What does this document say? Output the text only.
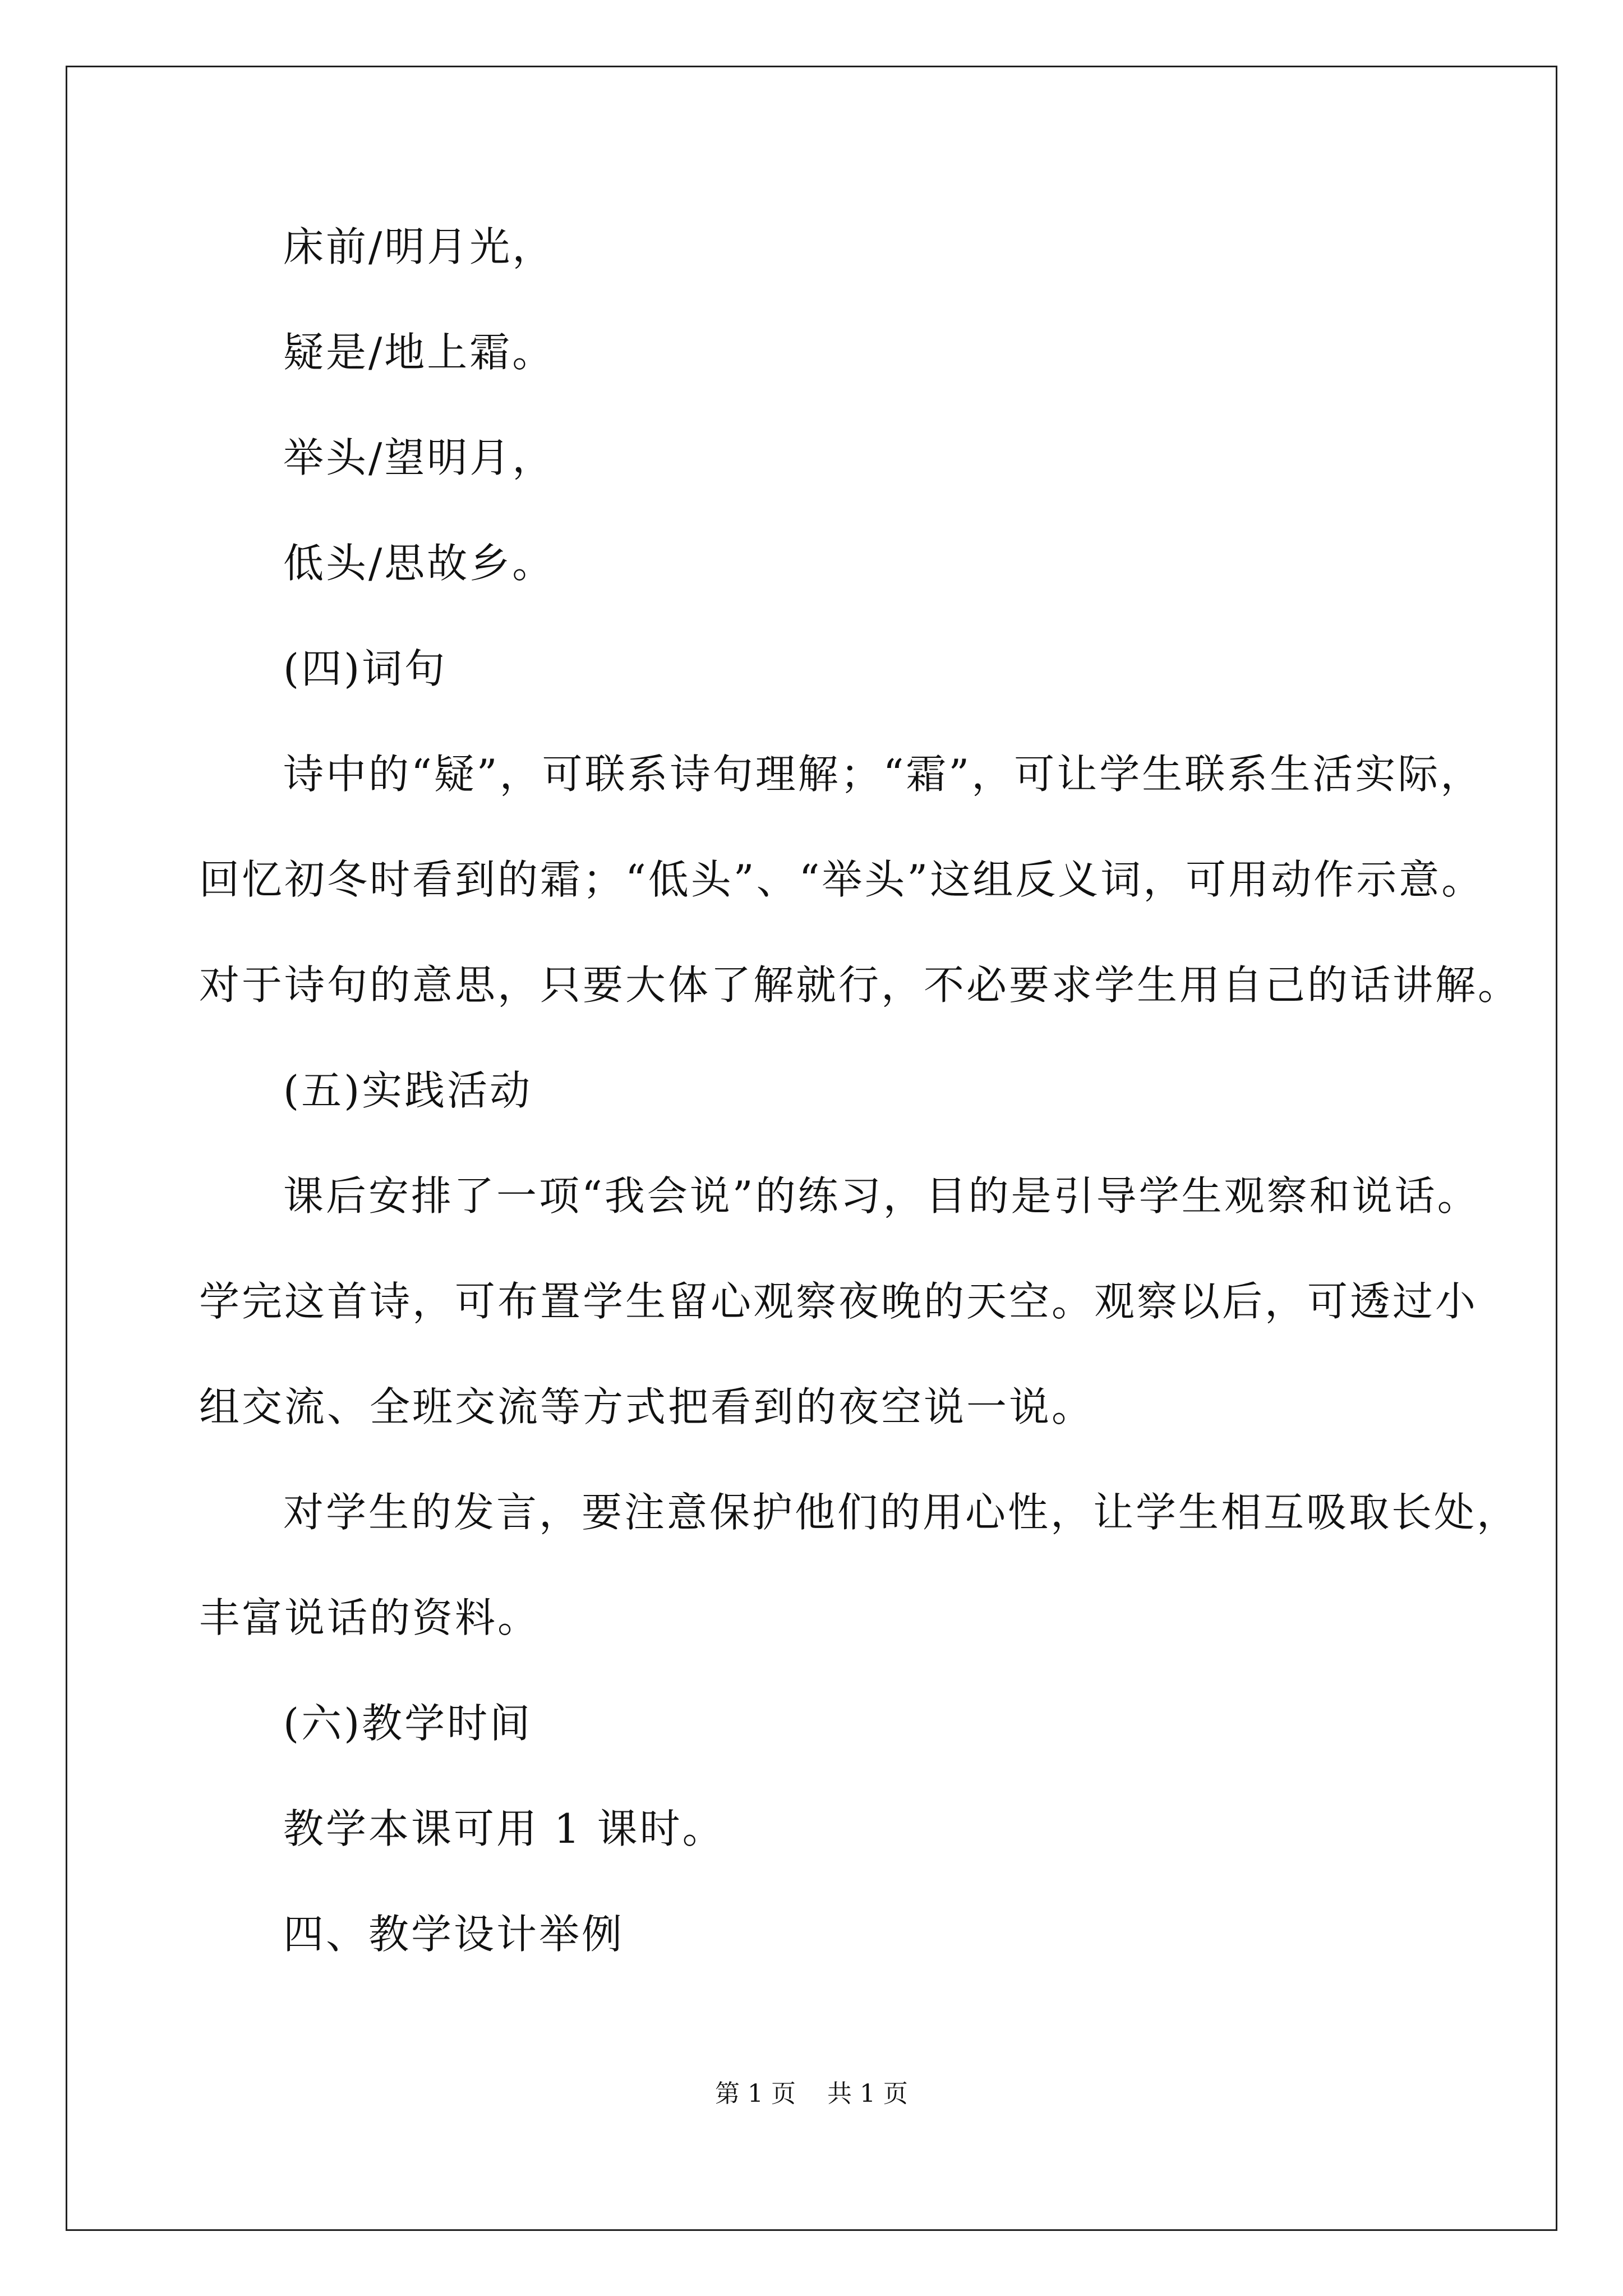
床前/明月光，
疑是/地上霜。
举头/望明月，
低头/思故乡。
(四)词句
诗中的“疑”，可联系诗句理解；“霜”，可让学生联系生活实际，
回忆初冬时看到的霜；“低头”、“举头”这组反义词，可用动作示意。
对于诗句的意思，只要大体了解就行，不必要求学生用自己的话讲解。
(五)实践活动
课后安排了一项“我会说”的练习，目的是引导学生观察和说话。
学完这首诗，可布置学生留心观察夜晚的天空。观察以后，可透过小
组交流、全班交流等方式把看到的夜空说一说。
对学生的发言，要注意保护他们的用心性，让学生相互吸取长处，
丰富说话的资料。
(六)教学时间
教学本课可用 1 课时。
四、教学设计举例
第 1 页    共 1 页
